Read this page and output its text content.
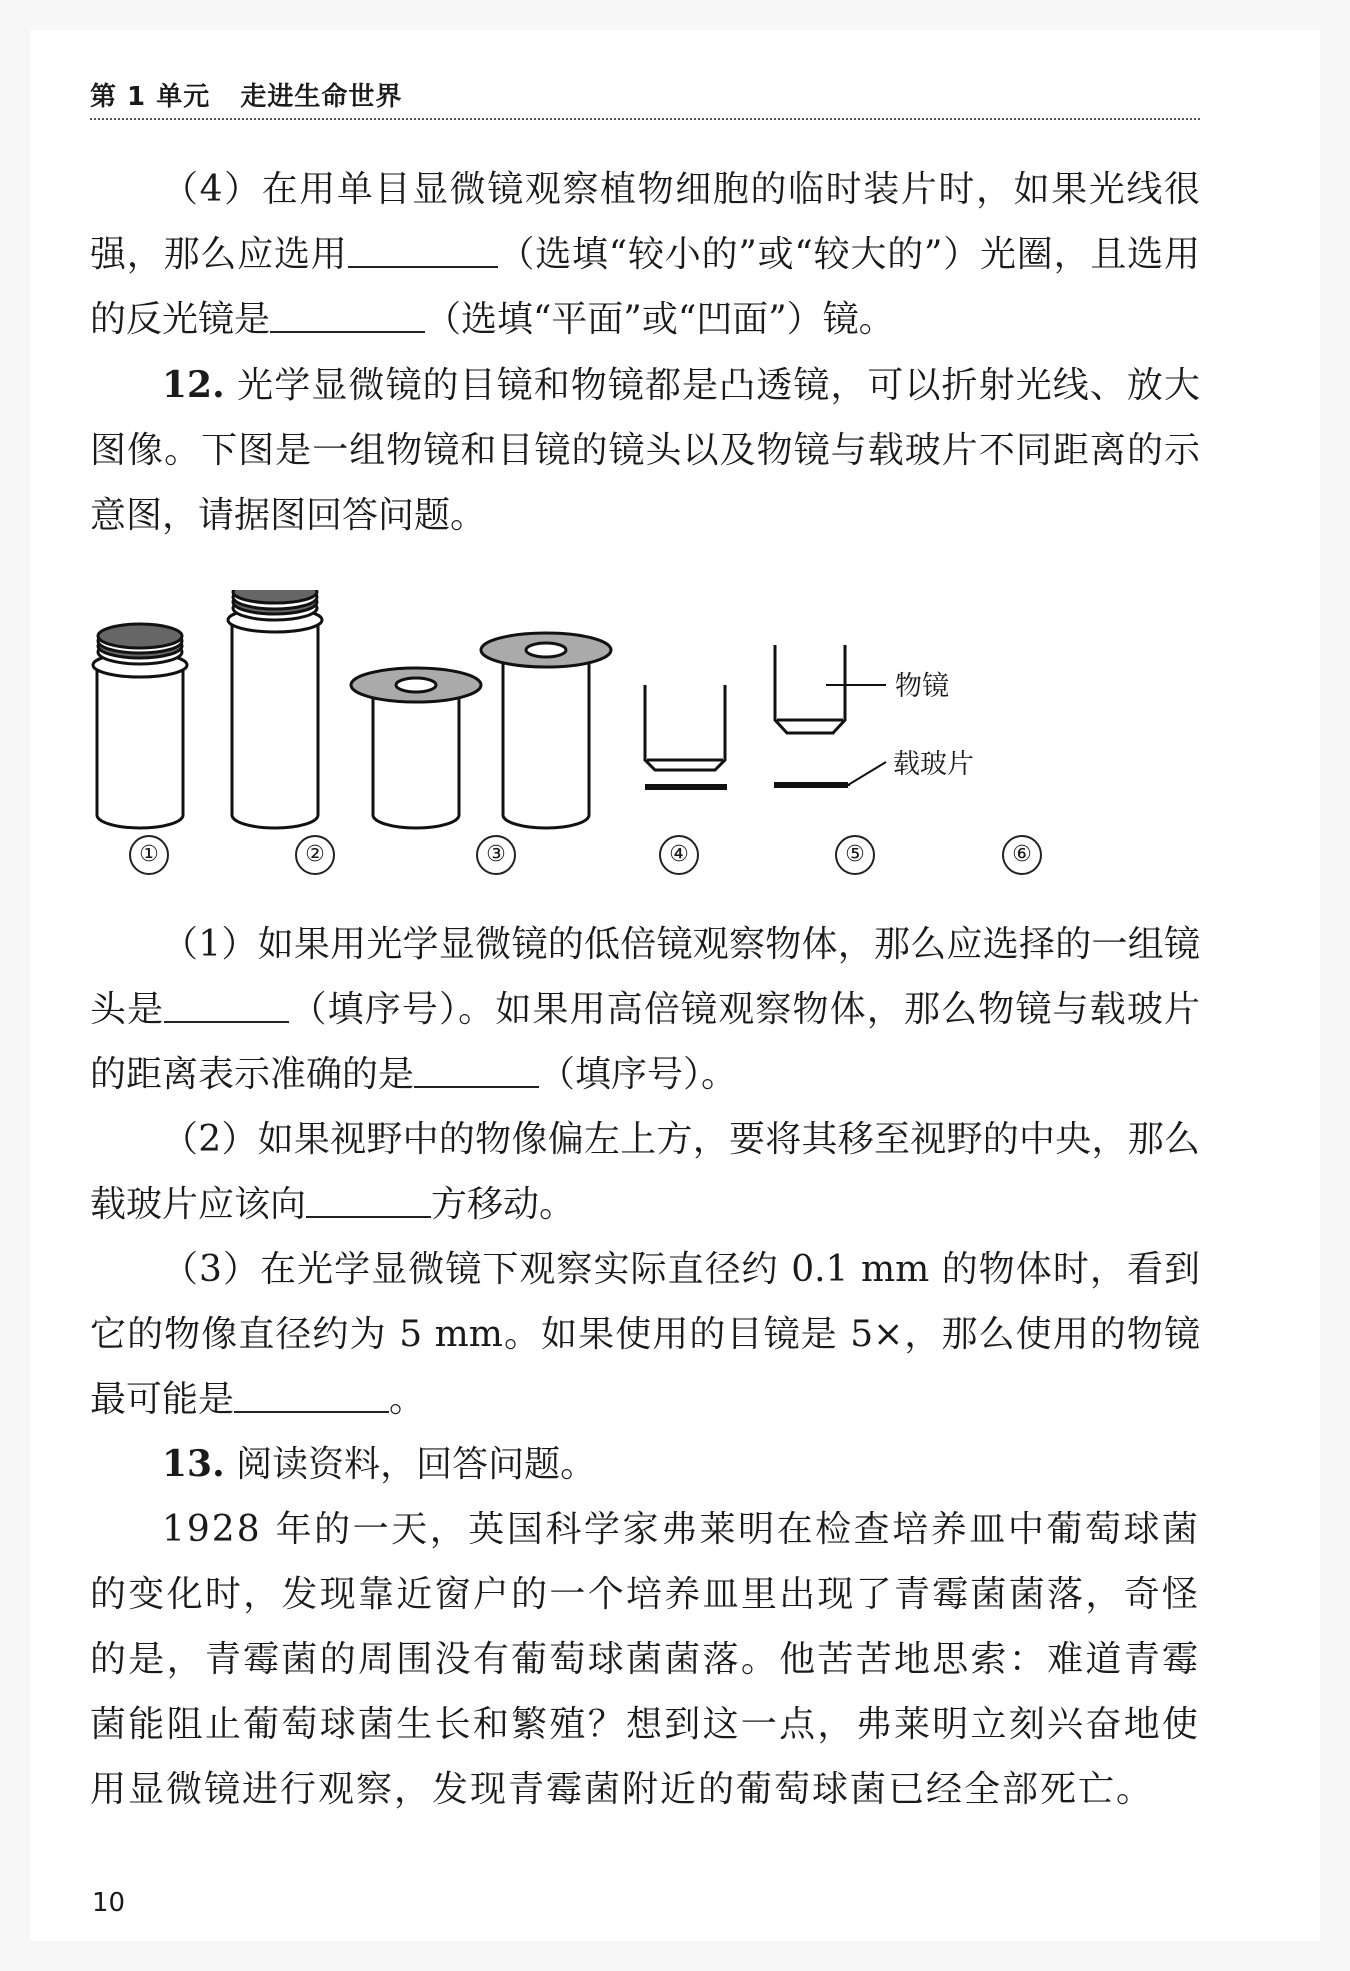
第 1 单元 走进生命世界

（4）在用单目显微镜观察植物细胞的临时装片时，如果光线很强，那么应选用	（选填“较小的”或“较大的”）光圈，且选用的反光镜是	（选填“平面”或“凹面”）镜。

12. 光学显微镜的目镜和物镜都是凸透镜，可以折射光线、放大图像。下图是一组物镜和目镜的镜头以及物镜与载玻片不同距离的示意图，请据图回答问题。

物镜
载玻片
①	②	③	④	⑤	⑥

（1）如果用光学显微镜的低倍镜观察物体，那么应选择的一组镜头是	（填序号）。如果用高倍镜观察物体，那么物镜与载玻片的距离表示准确的是	（填序号）。

（2）如果视野中的物像偏左上方，要将其移至视野的中央，那么载玻片应该向	方移动。

（3）在光学显微镜下观察实际直径约 0.1 mm 的物体时，看到它的物像直径约为 5 mm。如果使用的目镜是 5×，那么使用的物镜最可能是	。

13. 阅读资料，回答问题。

1928 年的一天，英国科学家弗莱明在检查培养皿中葡萄球菌的变化时，发现靠近窗户的一个培养皿里出现了青霉菌菌落，奇怪的是，青霉菌的周围没有葡萄球菌菌落。他苦苦地思索：难道青霉菌能阻止葡萄球菌生长和繁殖？想到这一点，弗莱明立刻兴奋地使用显微镜进行观察，发现青霉菌附近的葡萄球菌已经全部死亡。

10
